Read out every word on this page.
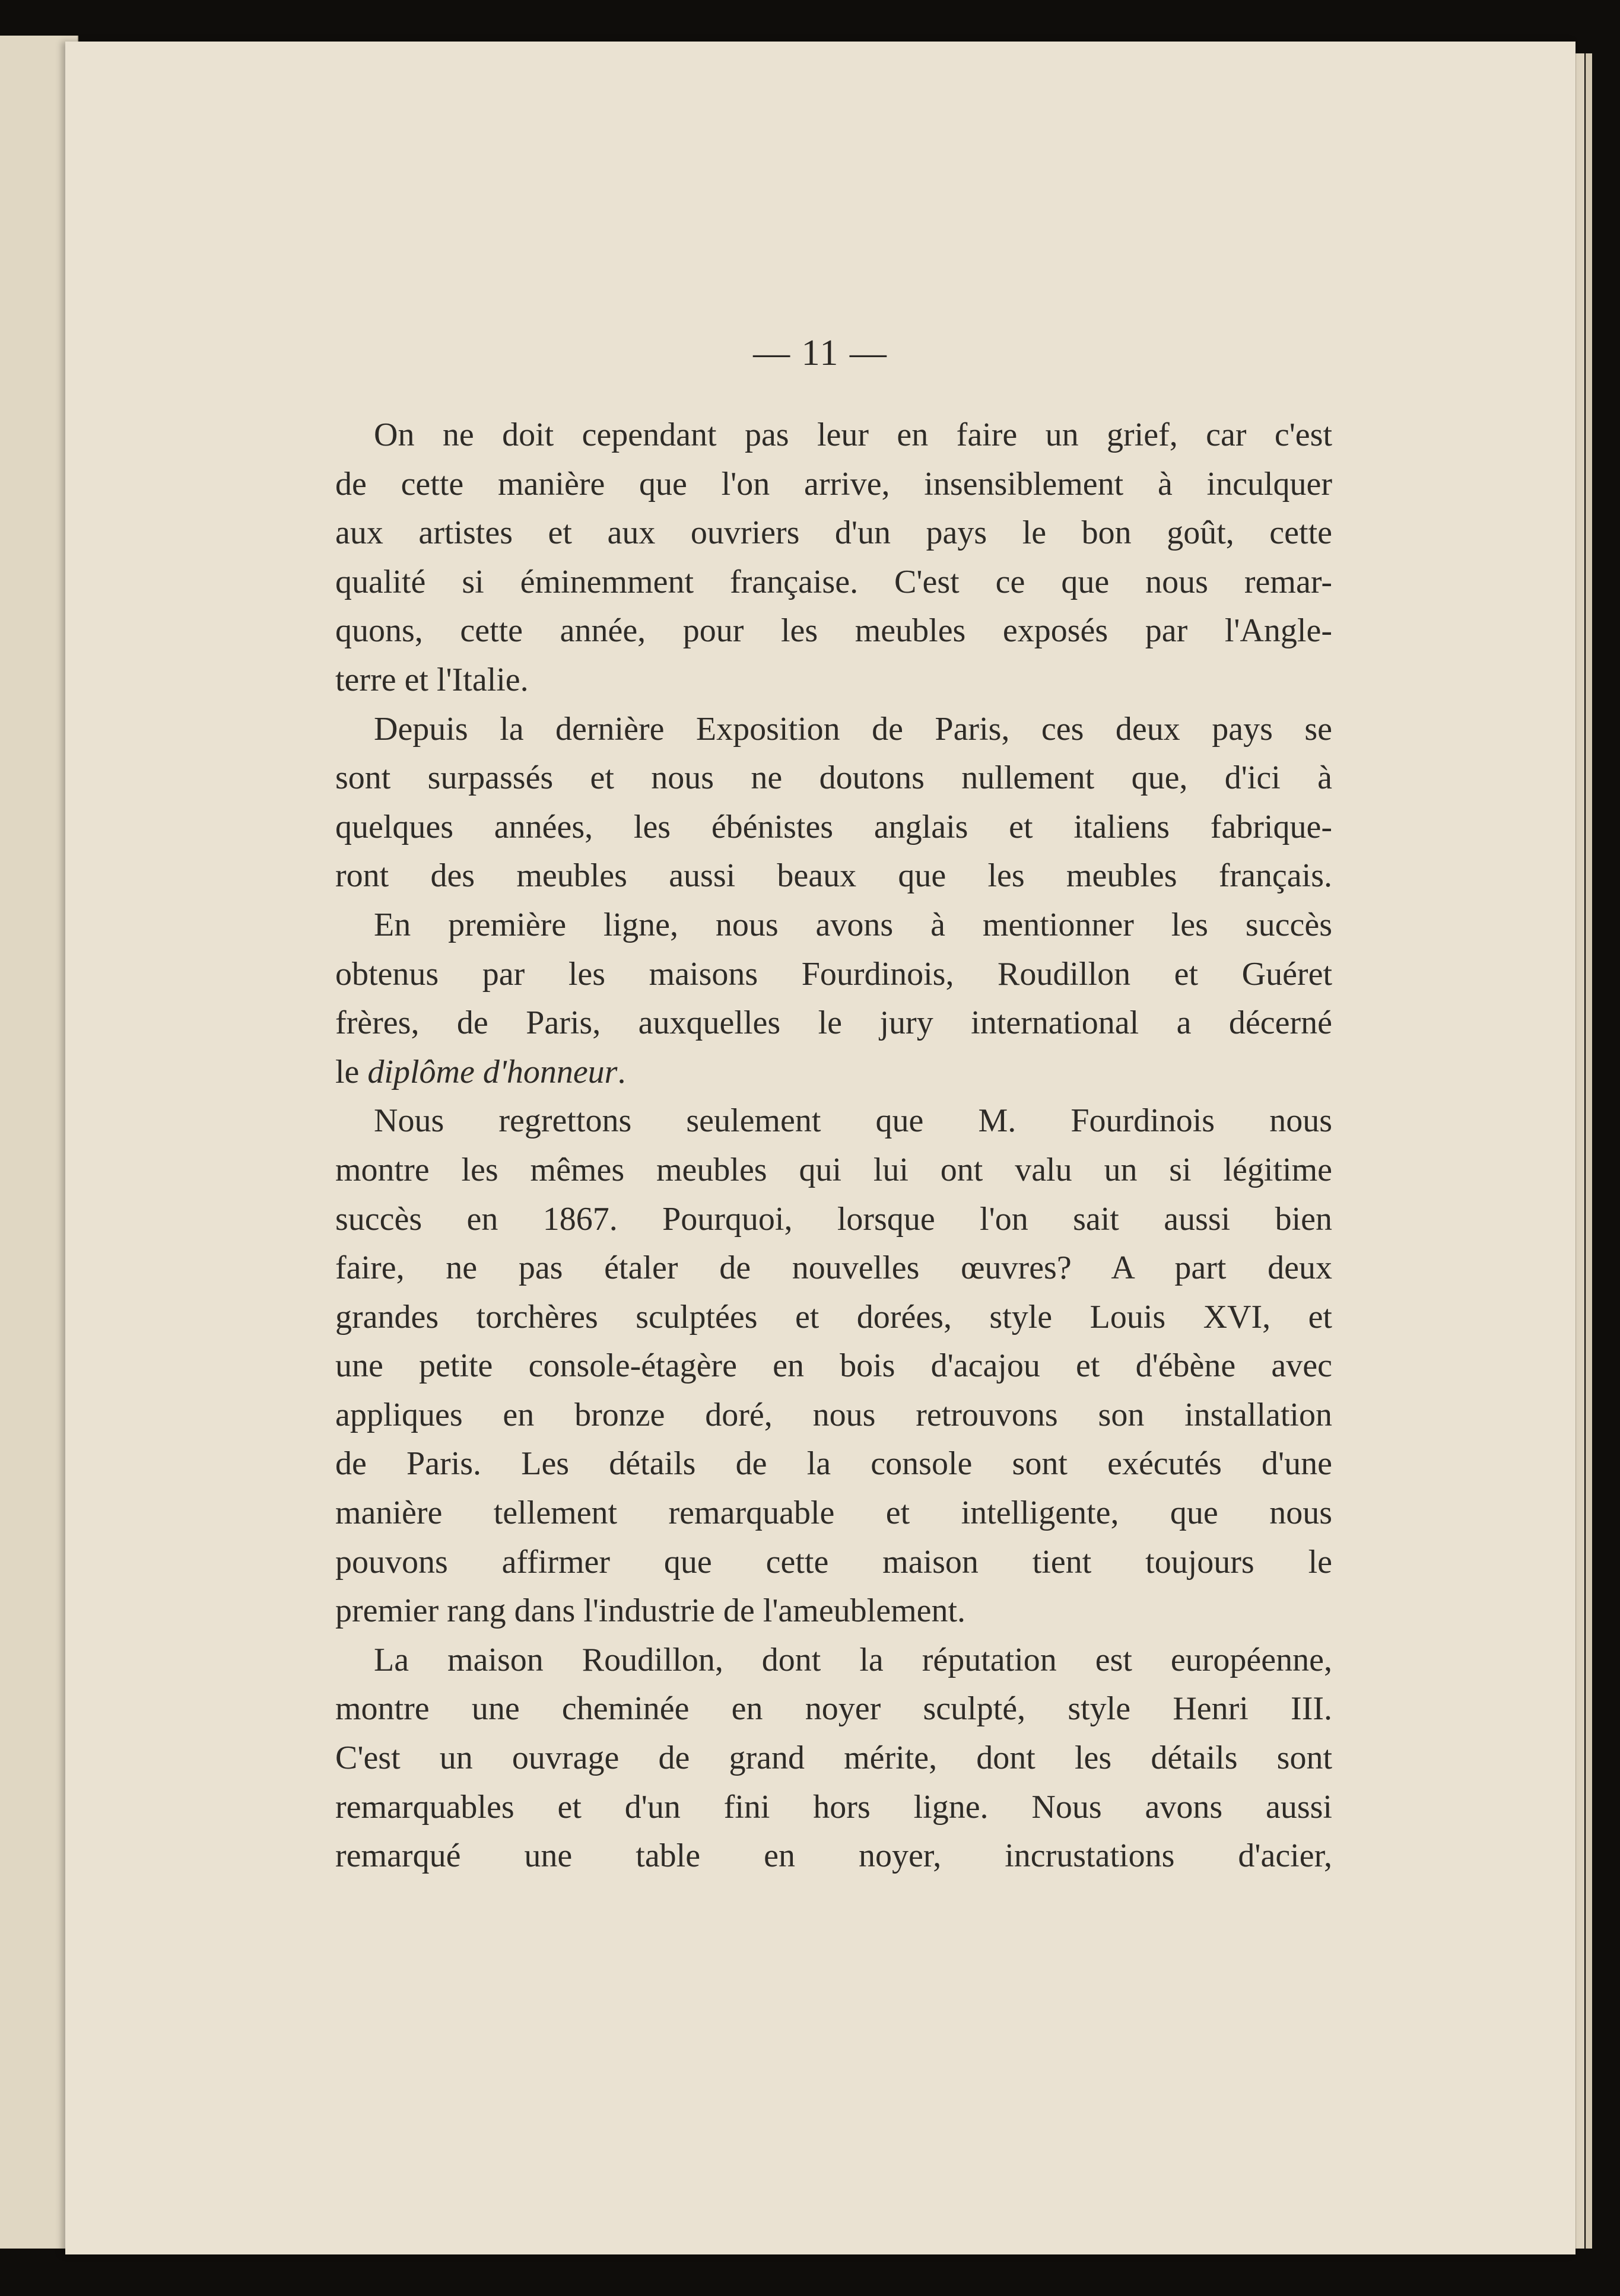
— 11 —
On ne doit cependant pas leur en faire un grief, car c'est
de cette manière que l'on arrive, insensiblement à inculquer
aux artistes et aux ouvriers d'un pays le bon goût, cette
qualité si éminemment française. C'est ce que nous remar-
quons, cette année, pour les meubles exposés par l'Angle-
terre et l'Italie.
Depuis la dernière Exposition de Paris, ces deux pays se
sont surpassés et nous ne doutons nullement que, d'ici à
quelques années, les ébénistes anglais et italiens fabrique-
ront des meubles aussi beaux que les meubles français.
En première ligne, nous avons à mentionner les succès
obtenus par les maisons Fourdinois, Roudillon et Guéret
frères, de Paris, auxquelles le jury international a décerné
le diplôme d'honneur.
Nous regrettons seulement que M. Fourdinois nous
montre les mêmes meubles qui lui ont valu un si légitime
succès en 1867. Pourquoi, lorsque l'on sait aussi bien
faire, ne pas étaler de nouvelles œuvres? A part deux
grandes torchères sculptées et dorées, style Louis XVI, et
une petite console-étagère en bois d'acajou et d'ébène avec
appliques en bronze doré, nous retrouvons son installation
de Paris. Les détails de la console sont exécutés d'une
manière tellement remarquable et intelligente, que nous
pouvons affirmer que cette maison tient toujours le
premier rang dans l'industrie de l'ameublement.
La maison Roudillon, dont la réputation est européenne,
montre une cheminée en noyer sculpté, style Henri III.
C'est un ouvrage de grand mérite, dont les détails sont
remarquables et d'un fini hors ligne. Nous avons aussi
remarqué une table en noyer, incrustations d'acier,
